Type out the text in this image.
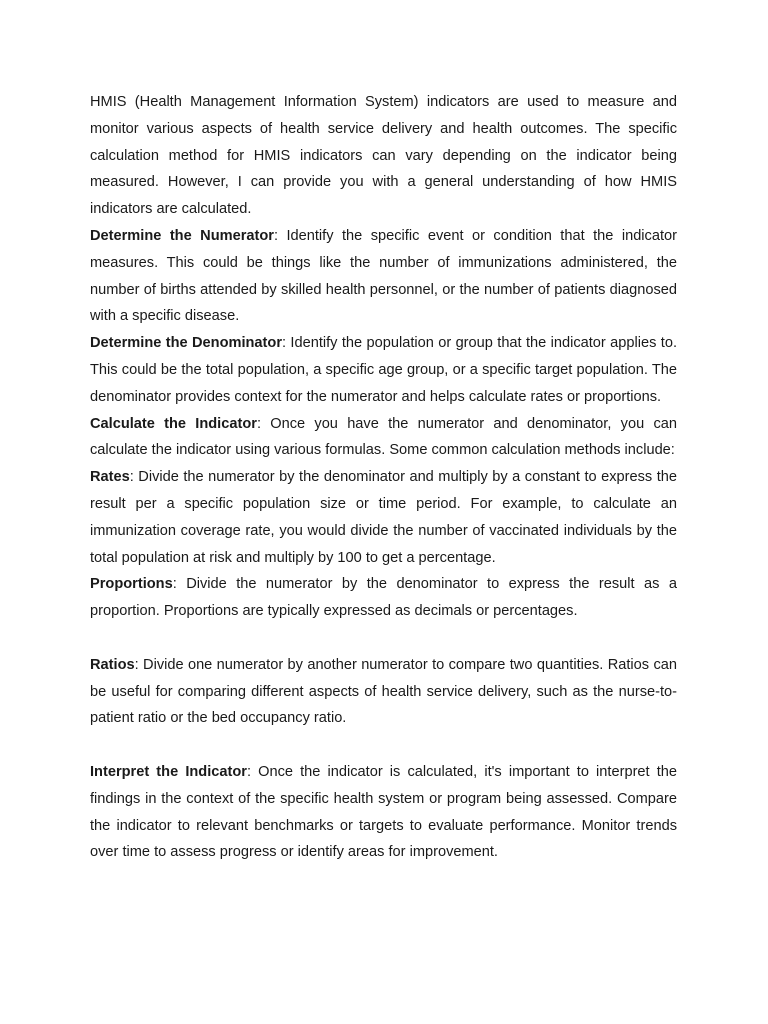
HMIS (Health Management Information System) indicators are used to measure and monitor various aspects of health service delivery and health outcomes. The specific calculation method for HMIS indicators can vary depending on the indicator being measured. However, I can provide you with a general understanding of how HMIS indicators are calculated.

Determine the Numerator: Identify the specific event or condition that the indicator measures. This could be things like the number of immunizations administered, the number of births attended by skilled health personnel, or the number of patients diagnosed with a specific disease.

Determine the Denominator: Identify the population or group that the indicator applies to. This could be the total population, a specific age group, or a specific target population. The denominator provides context for the numerator and helps calculate rates or proportions.

Calculate the Indicator: Once you have the numerator and denominator, you can calculate the indicator using various formulas. Some common calculation methods include:

Rates: Divide the numerator by the denominator and multiply by a constant to express the result per a specific population size or time period. For example, to calculate an immunization coverage rate, you would divide the number of vaccinated individuals by the total population at risk and multiply by 100 to get a percentage.

Proportions: Divide the numerator by the denominator to express the result as a proportion. Proportions are typically expressed as decimals or percentages.

Ratios: Divide one numerator by another numerator to compare two quantities. Ratios can be useful for comparing different aspects of health service delivery, such as the nurse-to-patient ratio or the bed occupancy ratio.

Interpret the Indicator: Once the indicator is calculated, it's important to interpret the findings in the context of the specific health system or program being assessed. Compare the indicator to relevant benchmarks or targets to evaluate performance. Monitor trends over time to assess progress or identify areas for improvement.
